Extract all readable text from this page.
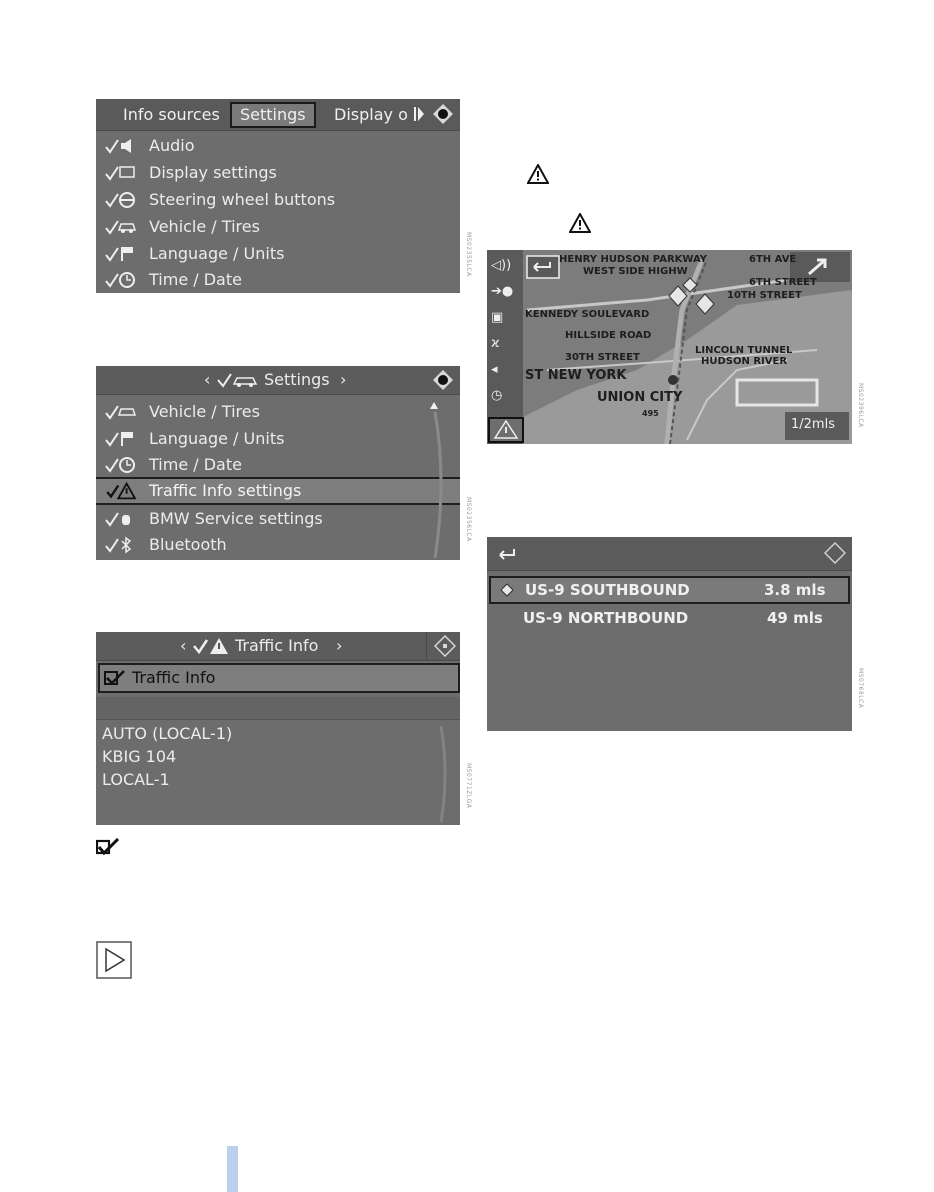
Info sources	Settings	Display o
Audio
Display settings
Steering wheel buttons
Vehicle / Tires
Language / Units
Time / Date
MS02355LCA
‹	Settings ›
Vehicle / Tires
Language / Units
Time / Date
Traffic Info settings
BMW Service settings
Bluetooth
MS02356LCA
‹	Traffic Info ›
Traffic Info
AUTO (LOCAL-1)
KBIG 104
LOCAL-1	MS0771ZLGA
◁))
➔●
▣
ϰ
◂
◷
HENRY HUDSON PARKWAY
WEST SIDE HIGHW
6TH AVE
6TH STREET
10TH STREET
KENNEDY SOULEVARD
HILLSIDE ROAD
30TH STREET
LINCOLN TUNNEL
HUDSON RIVER
ST NEW YORK
UNION CITY
495
1/2mls	MS02396LCA
US-9 SOUTHBOUND	3.8 mls
US-9 NORTHBOUND	49 mls
MS0768LCA
